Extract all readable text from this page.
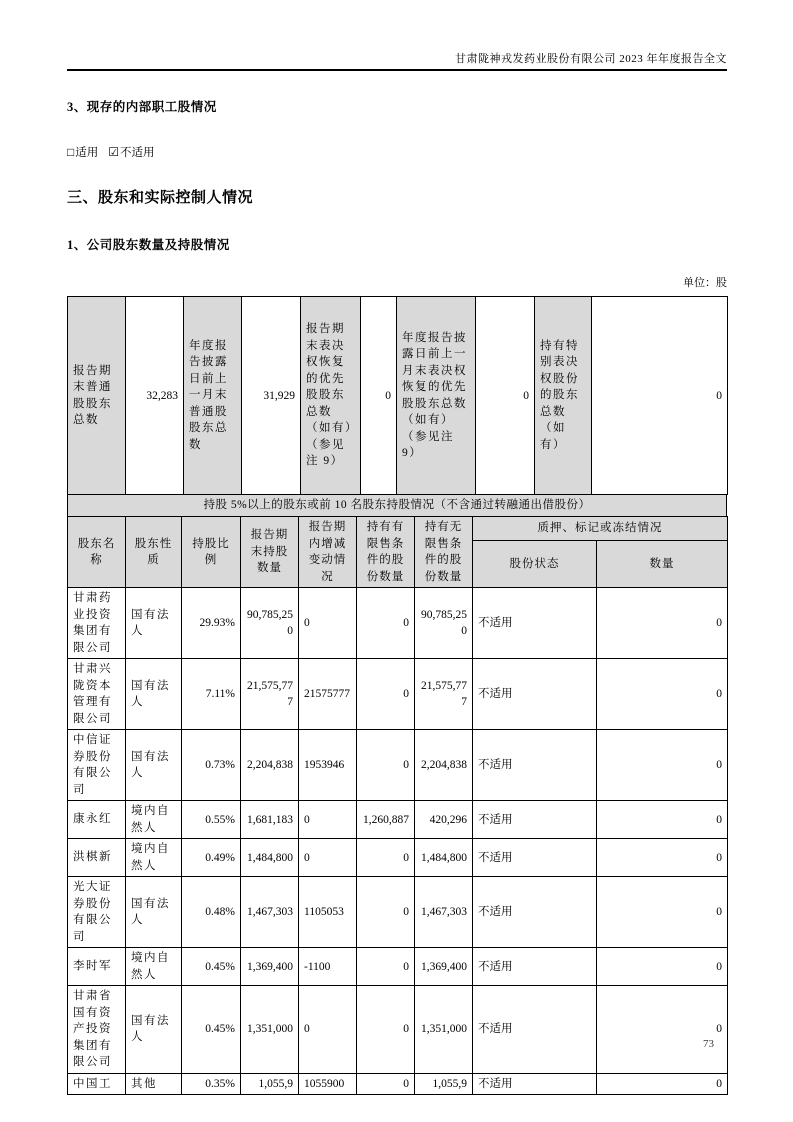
甘肃陇神戎发药业股份有限公司 2023 年年度报告全文
3、现存的内部职工股情况
□适用 ☑不适用
三、股东和实际控制人情况
1、公司股东数量及持股情况
单位：股
报告期末普通股股东总数	32,283	年度报告披露日前上一月末普通股股东总数	31,929	报告期末表决权恢复的优先股股东总数（如有）（参见注 9）	0	年度报告披露日前上一月末表决权恢复的优先股股东总数（如有）（参见注 9）	0	持有特别表决权股份的股东总数（如有）	0
持股 5%以上的股东或前 10 名股东持股情况（不含通过转融通出借股份）
股东名称	股东性质	持股比例	报告期末持股数量	报告期内增减变动情况	持有有限售条件的股份数量	持有无限售条件的股份数量	质押、标记或冻结情况	
							股份状态	数量
甘肃药业投资集团有限公司	国有法人	29.93%	90,785,250	0	0	90,785,250	不适用	0
甘肃兴陇资本管理有限公司	国有法人	7.11%	21,575,777	21575777	0	21,575,777	不适用	0
中信证券股份有限公司	国有法人	0.73%	2,204,838	1953946	0	2,204,838	不适用	0
康永红	境内自然人	0.55%	1,681,183	0	1,260,887	420,296	不适用	0
洪棋新	境内自然人	0.49%	1,484,800	0	0	1,484,800	不适用	0
光大证券股份有限公司	国有法人	0.48%	1,467,303	1105053	0	1,467,303	不适用	0
李时军	境内自然人	0.45%	1,369,400	-1100	0	1,369,400	不适用	0
甘肃省国有资产投资集团有限公司	国有法人	0.45%	1,351,000	0	0	1,351,000	不适用	0
中国工	其他	0.35%	1,055,9	1055900	0	1,055,9	不适用	0
73
